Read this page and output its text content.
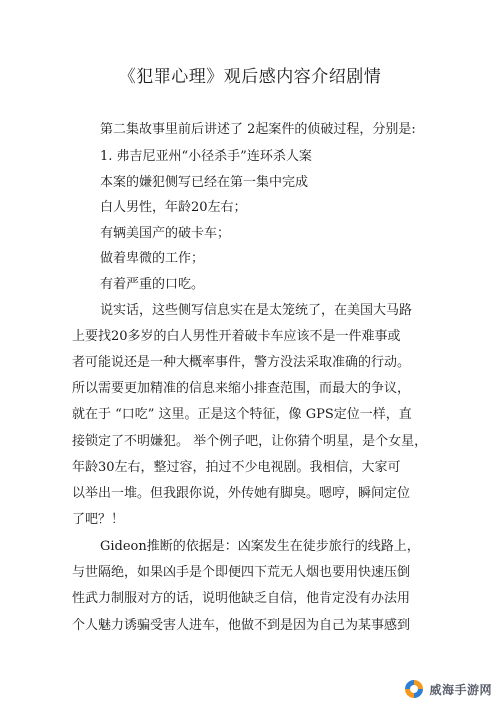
《犯罪心理》观后感内容介绍剧情
第二集故事里前后讲述了 2起案件的侦破过程，分别是:
1. 弗吉尼亚州“小径杀手”连环杀人案
本案的嫌犯侧写已经在第一集中完成
白人男性，年龄20左右；
有辆美国产的破卡车；
做着卑微的工作；
有着严重的口吃。
说实话，这些侧写信息实在是太笼统了，在美国大马路
上要找20多岁的白人男性开着破卡车应该不是一件难事或
者可能说还是一种大概率事件，警方没法采取准确的行动。
所以需要更加精准的信息来缩小排查范围，而最大的争议，
就在于 “口吃” 这里。正是这个特征，像 GPS定位一样，直
接锁定了不明嫌犯。 举个例子吧，让你猜个明星，是个女星，
年龄30左右，整过容，拍过不少电视剧。我相信，大家可
以举出一堆。但我跟你说，外传她有脚臭。嗯哼，瞬间定位
了吧？！
Gideon推断的依据是：凶案发生在徒步旅行的线路上，
与世隔绝，如果凶手是个即便四下荒无人烟也要用快速压倒
性武力制服对方的话，说明他缺乏自信，他肯定没有办法用
个人魅力诱骗受害人进车，他做不到是因为自己为某事感到
威海手游网
